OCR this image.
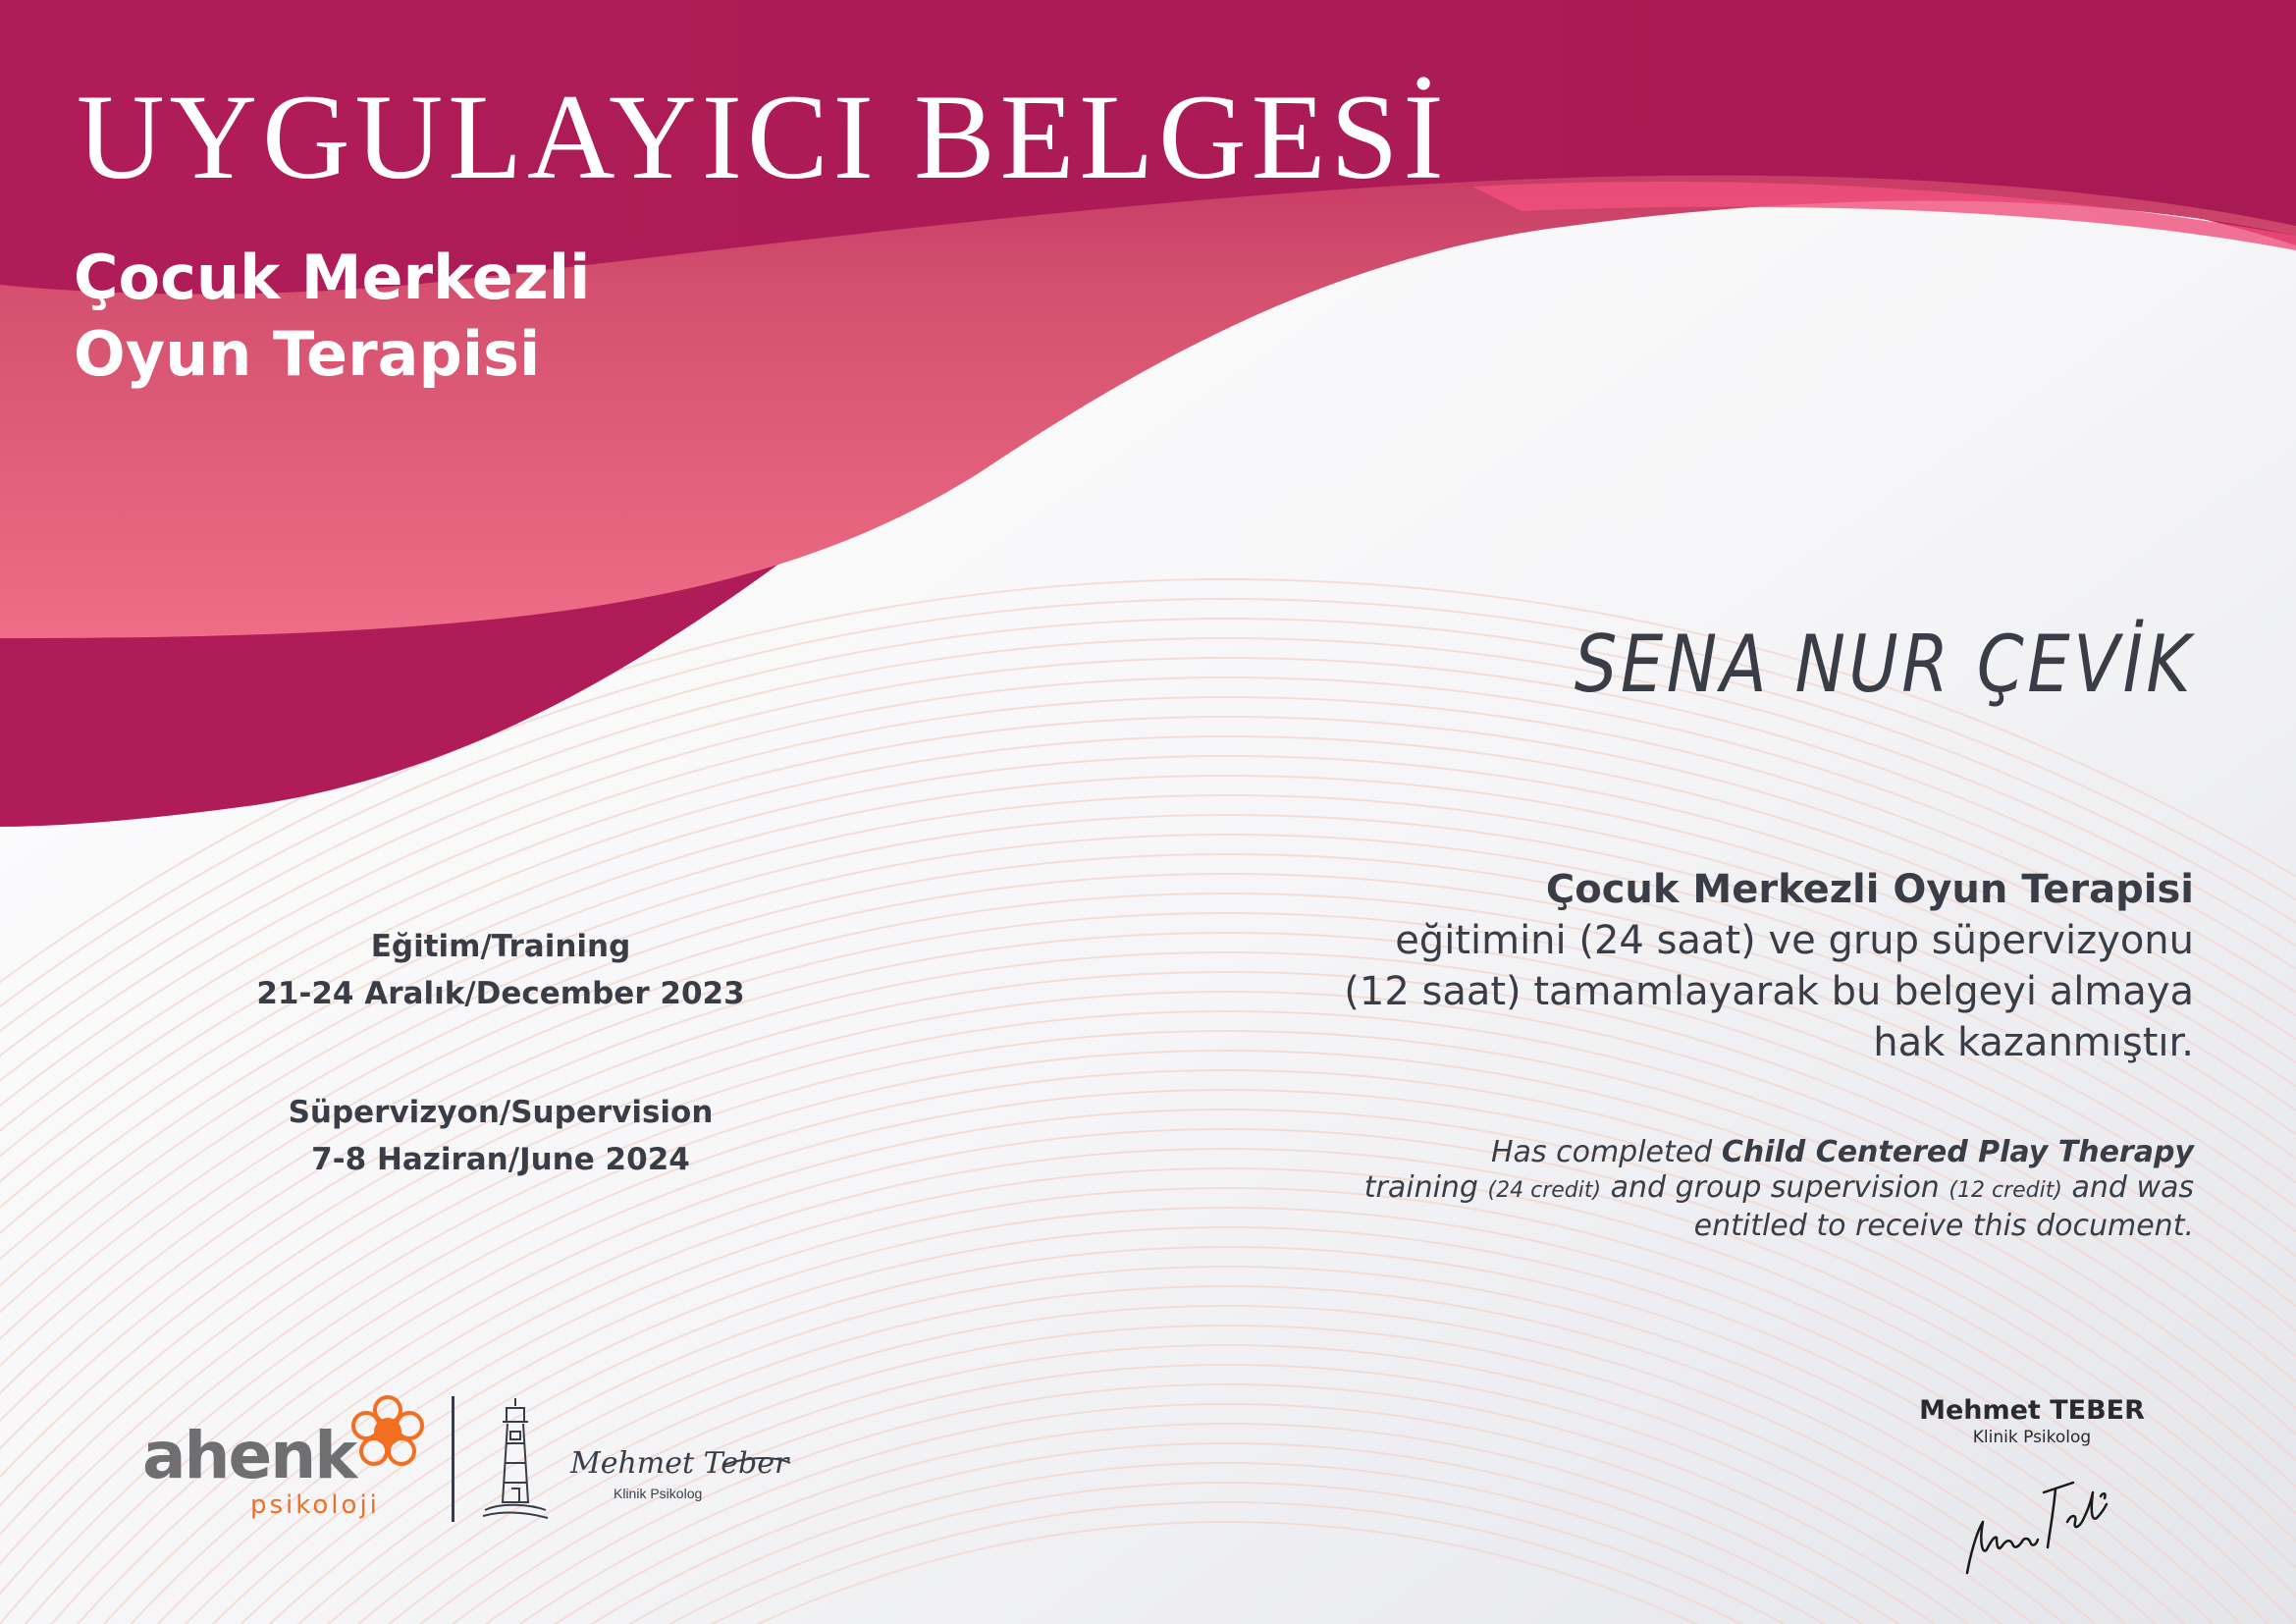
UYGULAYICI BELGESİ
Çocuk Merkezli
Oyun Terapisi
SENA NUR ÇEVİK
Eğitim/Training
21-24 Aralık/December 2023
Süpervizyon/Supervision
7-8 Haziran/June 2024
Çocuk Merkezli Oyun Terapisi
eğitimini (24 saat) ve grup süpervizyonu
(12 saat) tamamlayarak bu belgeyi almaya
hak kazanmıştır.
Has completed Child Centered Play Therapy
training (24 credit) and group supervision (12 credit) and was
entitled to receive this document.
ahenk
psikoloji
Mehmet Teber
Klinik Psikolog
Mehmet TEBER
Klinik Psikolog
